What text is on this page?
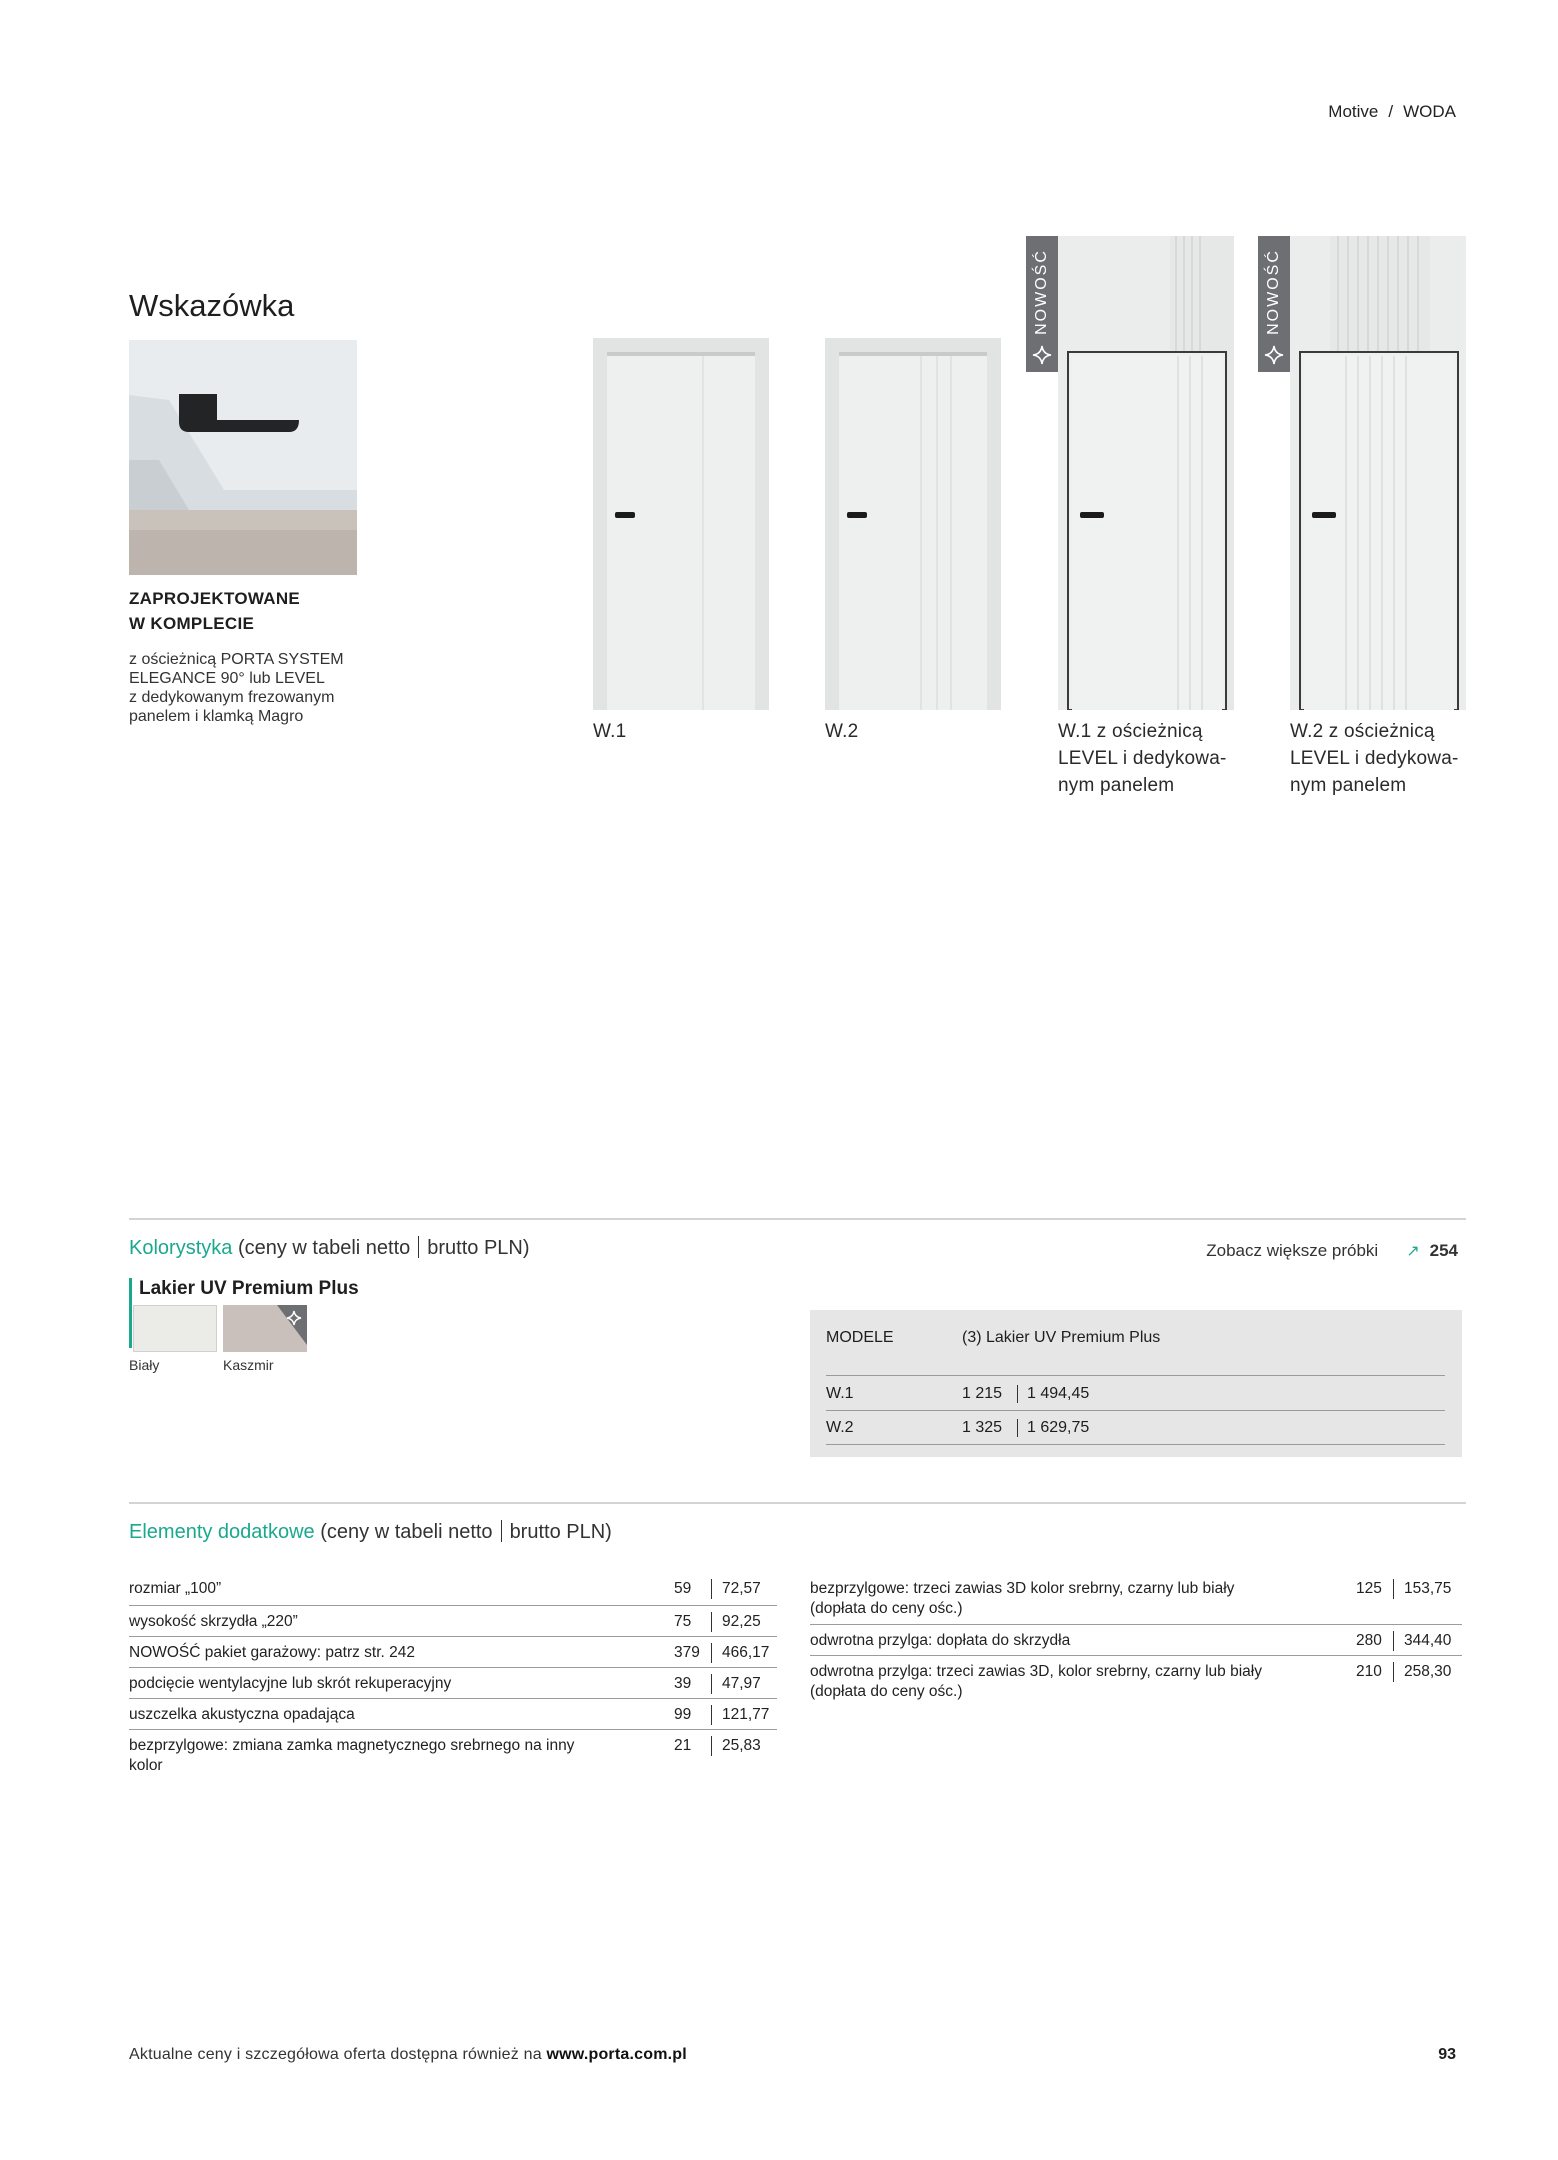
Motive / WODA
Wskazówka
ZAPROJEKTOWANE
W KOMPLECIE
z ościeżnicą PORTA SYSTEM
ELEGANCE 90° lub LEVEL
z dedykowanym frezowanym
panelem i klamką Magro
W.1	W.2
NOWOŚĆ
W.1 z ościeżnicą
LEVEL i dedykowa-
nym panelem
NOWOŚĆ
W.2 z ościeżnicą
LEVEL i dedykowa-
nym panelem
Kolorystyka (ceny w tabeli netto brutto PLN)	Zobacz większe próbki ↗ 254
Lakier UV Premium Plus
Biały	Kaszmir
MODELE	(3) Lakier UV Premium Plus
W.1	1 215	1 494,45
W.2	1 325	1 629,75
Elementy dodatkowe (ceny w tabeli netto brutto PLN)
rozmiar „100”	59	72,57
wysokość skrzydła „220”	75	92,25
NOWOŚĆ pakiet garażowy: patrz str. 242	379	466,17
podcięcie wentylacyjne lub skrót rekuperacyjny	39	47,97
uszczelka akustyczna opadająca	99	121,77
bezprzylgowe: zmiana zamka magnetycznego srebrnego na inny
kolor
21	25,83
bezprzylgowe: trzeci zawias 3D kolor srebrny, czarny lub biały
(dopłata do ceny ośc.)
125	153,75
odwrotna przylga: dopłata do skrzydła	280	344,40
odwrotna przylga: trzeci zawias 3D, kolor srebrny, czarny lub biały
(dopłata do ceny ośc.)
210	258,30
Aktualne ceny i szczegółowa oferta dostępna również na www.porta.com.pl	93
